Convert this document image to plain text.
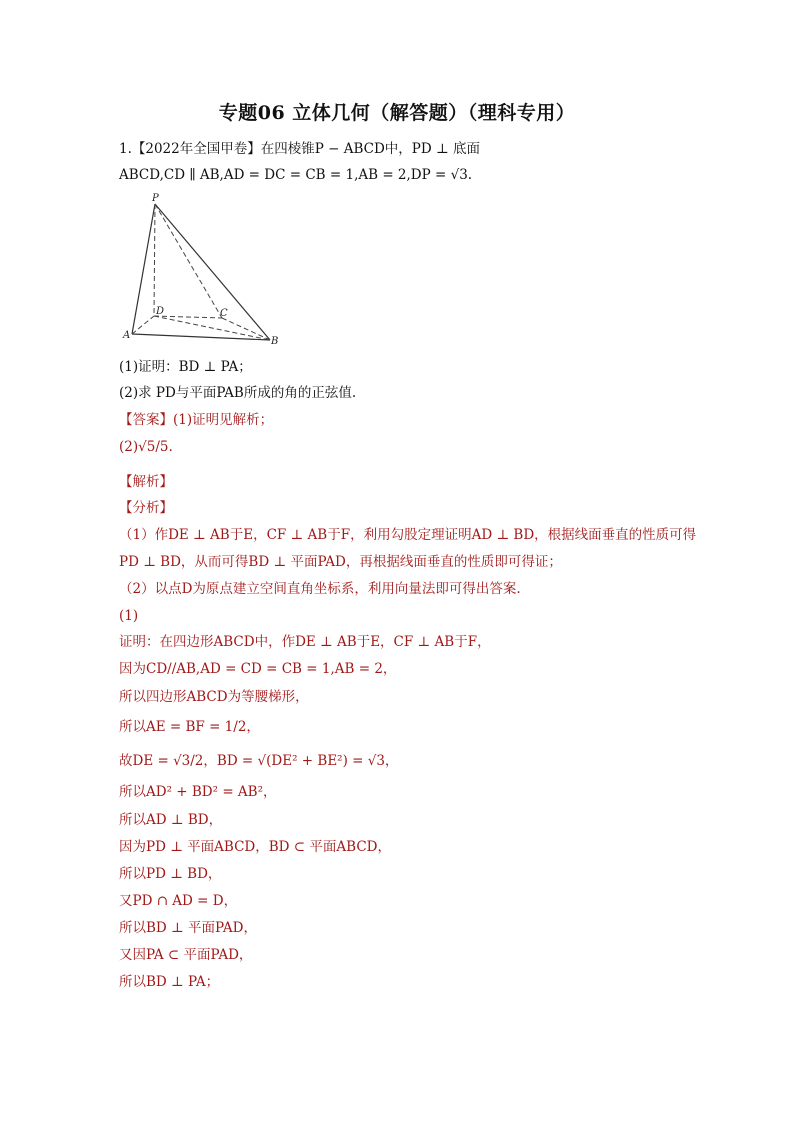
专题06 立体几何（解答题）（理科专用）
1.【2022年全国甲卷】在四棱锥P − ABCD中，PD ⊥ 底面
ABCD,CD ∥ AB,AD = DC = CB = 1,AB = 2,DP = √3.
P
D	C
A
B
(1)证明：BD ⊥ PA；
(2)求 PD与平面PAB所成的角的正弦值.
【答案】(1)证明见解析；
(2)√5/5.
【解析】
【分析】
（1）作DE ⊥ AB于E，CF ⊥ AB于F，利用勾股定理证明AD ⊥ BD，根据线面垂直的性质可得
PD ⊥ BD，从而可得BD ⊥ 平面PAD，再根据线面垂直的性质即可得证；
（2）以点D为原点建立空间直角坐标系，利用向量法即可得出答案.
(1)
证明：在四边形ABCD中，作DE ⊥ AB于E，CF ⊥ AB于F，
因为CD//AB,AD = CD = CB = 1,AB = 2，
所以四边形ABCD为等腰梯形，
所以AE = BF = 1/2，
故DE = √3/2，BD = √(DE² + BE²) = √3，
所以AD² + BD² = AB²，
所以AD ⊥ BD，
因为PD ⊥ 平面ABCD，BD ⊂ 平面ABCD，
所以PD ⊥ BD，
又PD ∩ AD = D，
所以BD ⊥ 平面PAD，
又因PA ⊂ 平面PAD，
所以BD ⊥ PA；
